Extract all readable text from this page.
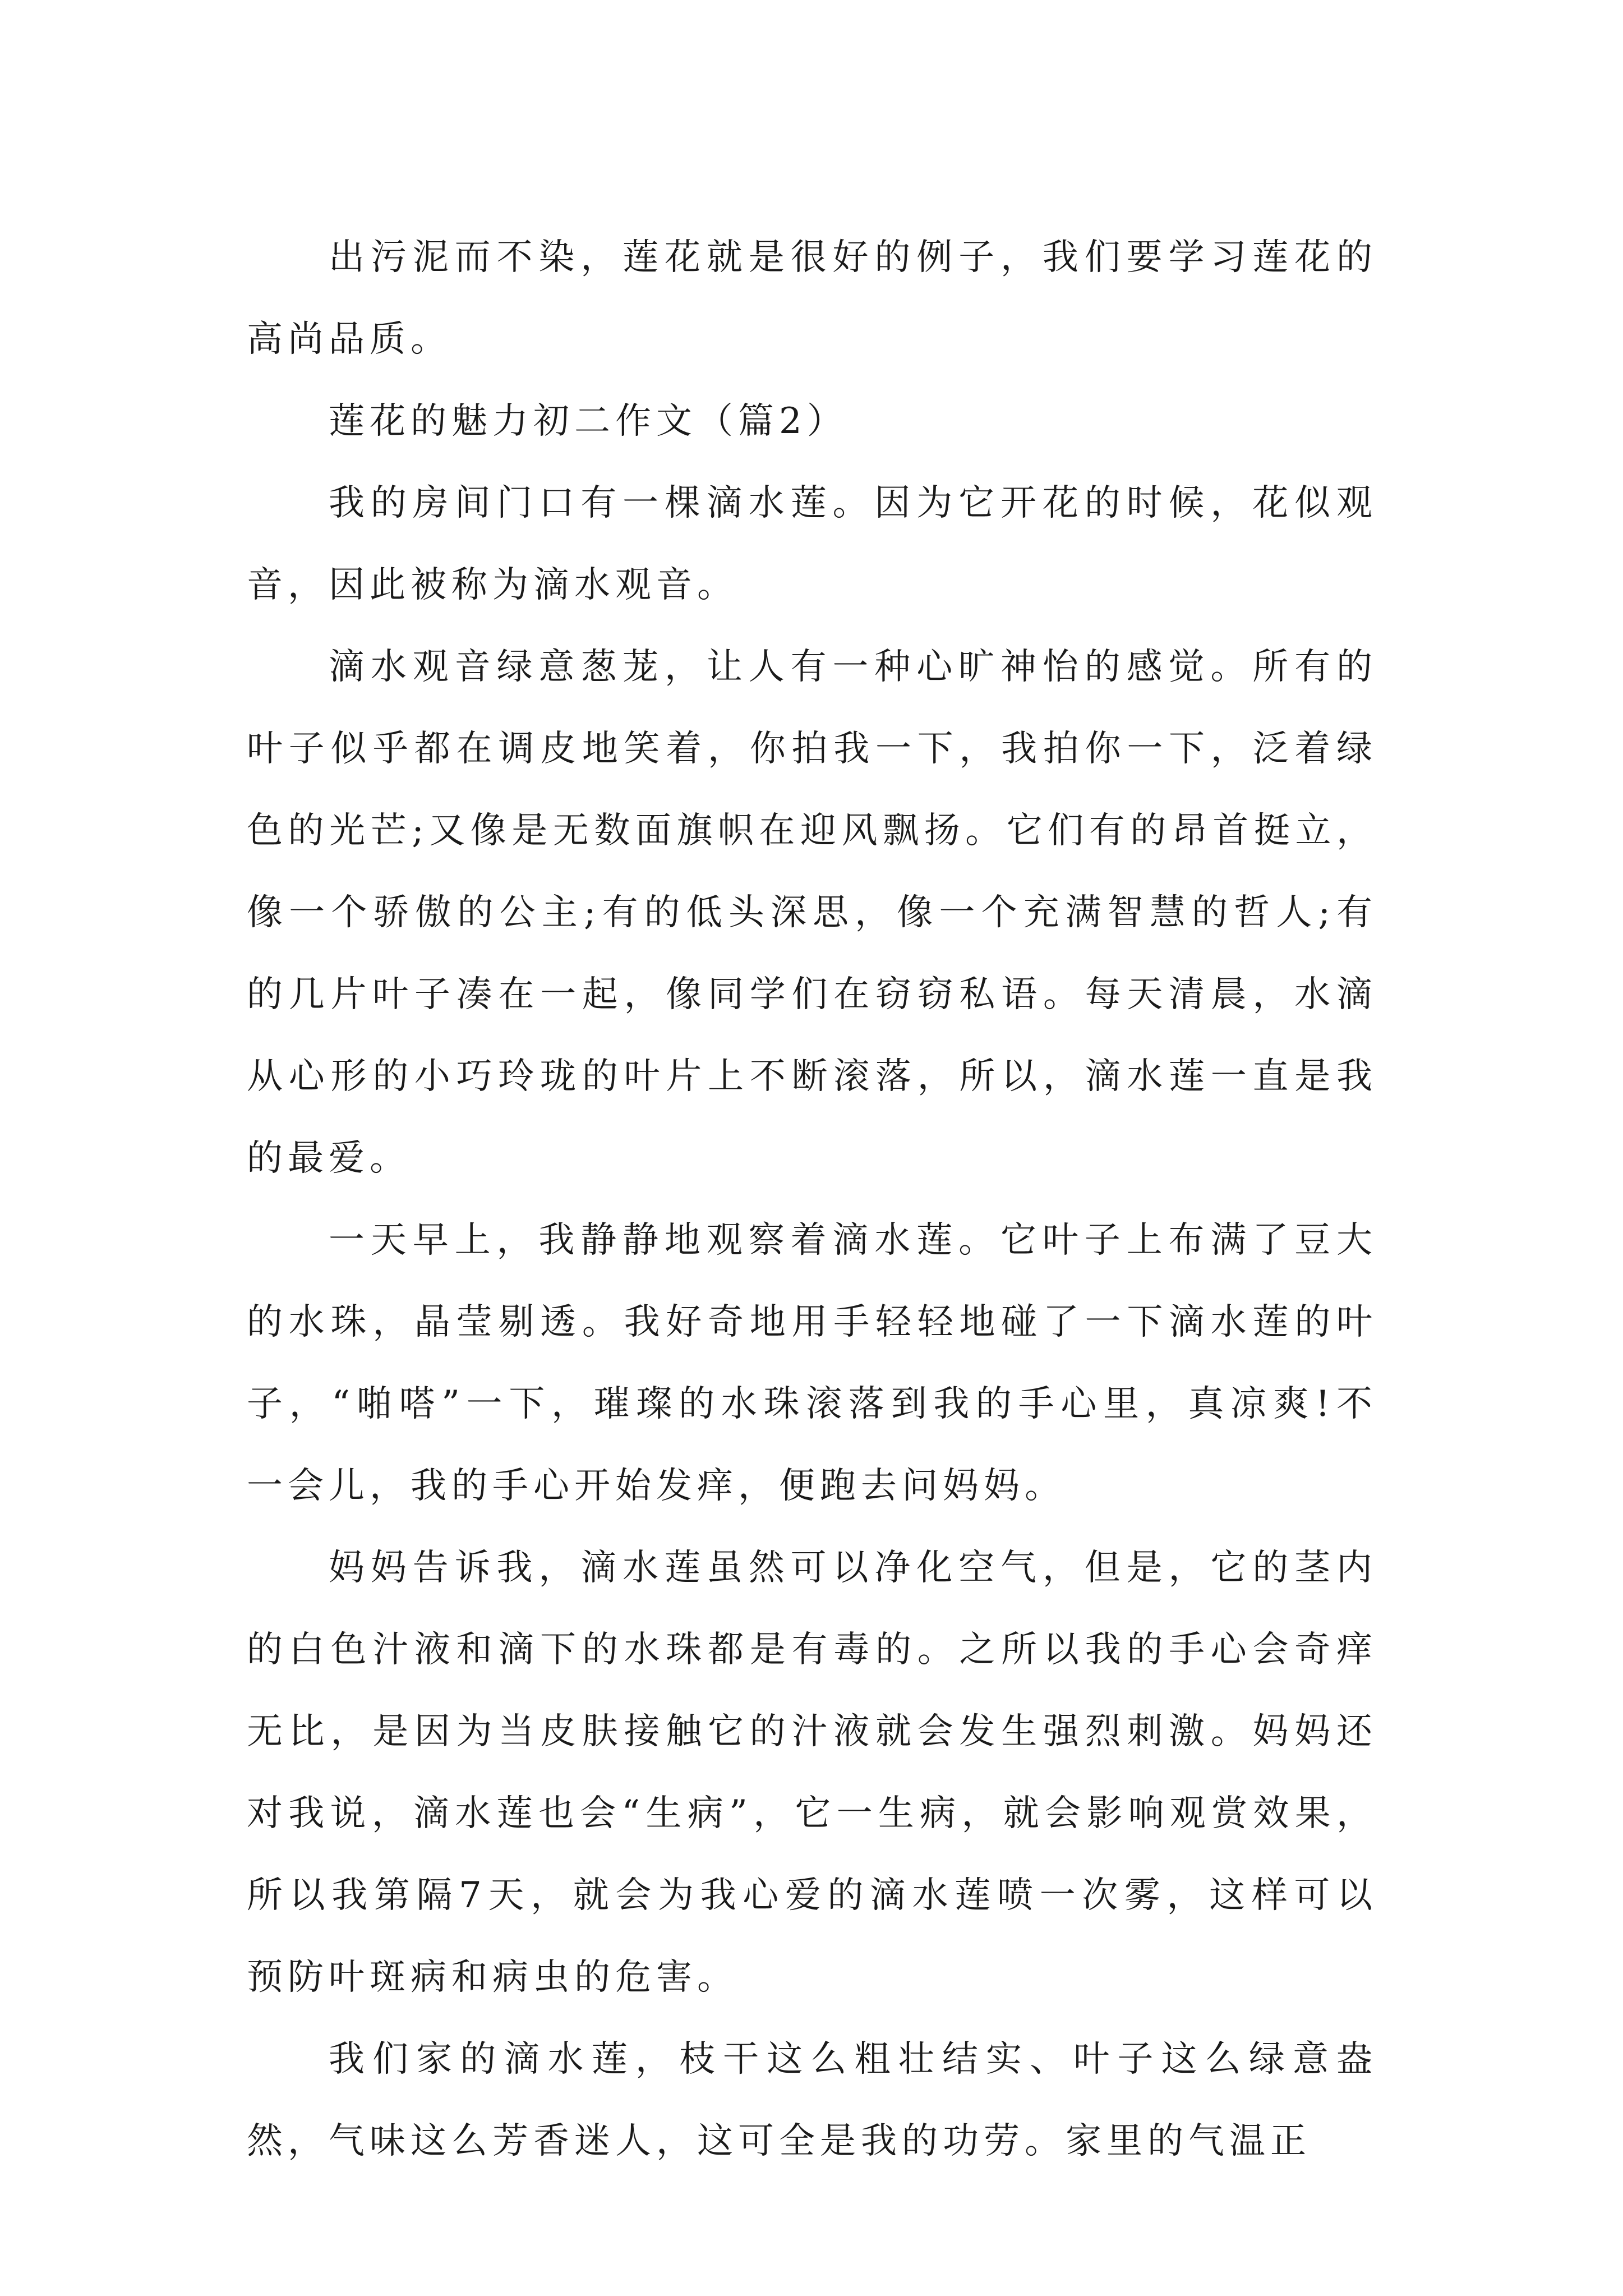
出污泥而不染，莲花就是很好的例子，我们要学习莲花的高尚品质。

莲花的魅力初二作文（篇2）

我的房间门口有一棵滴水莲。因为它开花的时候，花似观音，因此被称为滴水观音。

滴水观音绿意葱茏，让人有一种心旷神怡的感觉。所有的叶子似乎都在调皮地笑着，你拍我一下，我拍你一下，泛着绿色的光芒;又像是无数面旗帜在迎风飘扬。它们有的昂首挺立，像一个骄傲的公主;有的低头深思，像一个充满智慧的哲人;有的几片叶子凑在一起，像同学们在窃窃私语。每天清晨，水滴从心形的小巧玲珑的叶片上不断滚落，所以，滴水莲一直是我的最爱。

一天早上，我静静地观察着滴水莲。它叶子上布满了豆大的水珠，晶莹剔透。我好奇地用手轻轻地碰了一下滴水莲的叶子，“啪嗒”一下，璀璨的水珠滚落到我的手心里，真凉爽!不一会儿，我的手心开始发痒，便跑去问妈妈。

妈妈告诉我，滴水莲虽然可以净化空气，但是，它的茎内的白色汁液和滴下的水珠都是有毒的。之所以我的手心会奇痒无比，是因为当皮肤接触它的汁液就会发生强烈刺激。妈妈还对我说，滴水莲也会“生病”，它一生病，就会影响观赏效果，所以我第隔7天，就会为我心爱的滴水莲喷一次雾，这样可以预防叶斑病和病虫的危害。

我们家的滴水莲，枝干这么粗壮结实、叶子这么绿意盎然，气味这么芳香迷人，这可全是我的功劳。家里的气温正
